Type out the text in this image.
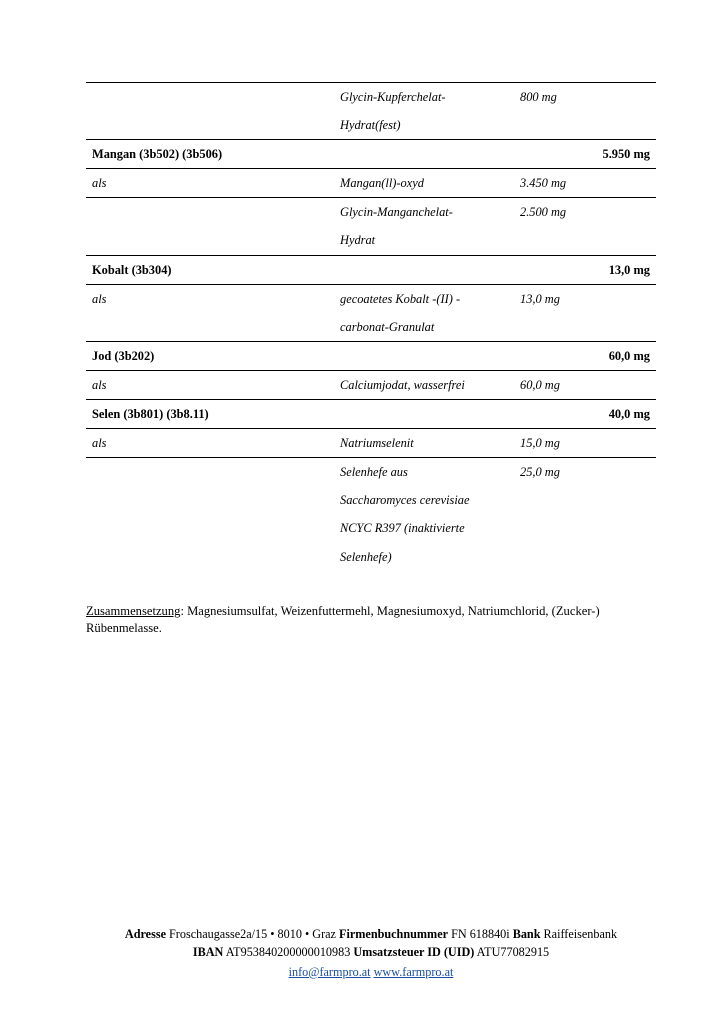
	Glycin-Kupferchelat-	800 mg
	Hydrat(fest)	
Mangan (3b502) (3b506)		5.950 mg
als	Mangan(ll)-oxyd	3.450 mg
	Glycin-Manganchelat-	2.500 mg
	Hydrat	
Kobalt (3b304)		13,0 mg
als	gecoatetes Kobalt -(II) -	13,0 mg
	carbonat-Granulat	
Jod (3b202)		60,0 mg
als	Calciumjodat, wasserfrei	60,0 mg
Selen (3b801) (3b8.11)		40,0 mg
als	Natriumselenit	15,0 mg
	Selenhefe aus	25,0 mg
	Saccharomyces cerevisiae	
	NCYC R397 (inaktivierte	
	Selenhefe)	

Zusammensetzung: Magnesiumsulfat, Weizenfuttermehl, Magnesiumoxyd, Natriumchlorid, (Zucker-) Rübenmelasse.

Adresse Froschaugasse2a/15 • 8010 • Graz Firmenbuchnummer FN 618840i Bank Raiffeisenbank
IBAN AT953840200000010983 Umsatzsteuer ID (UID) ATU77082915
info@farmpro.at www.farmpro.at
